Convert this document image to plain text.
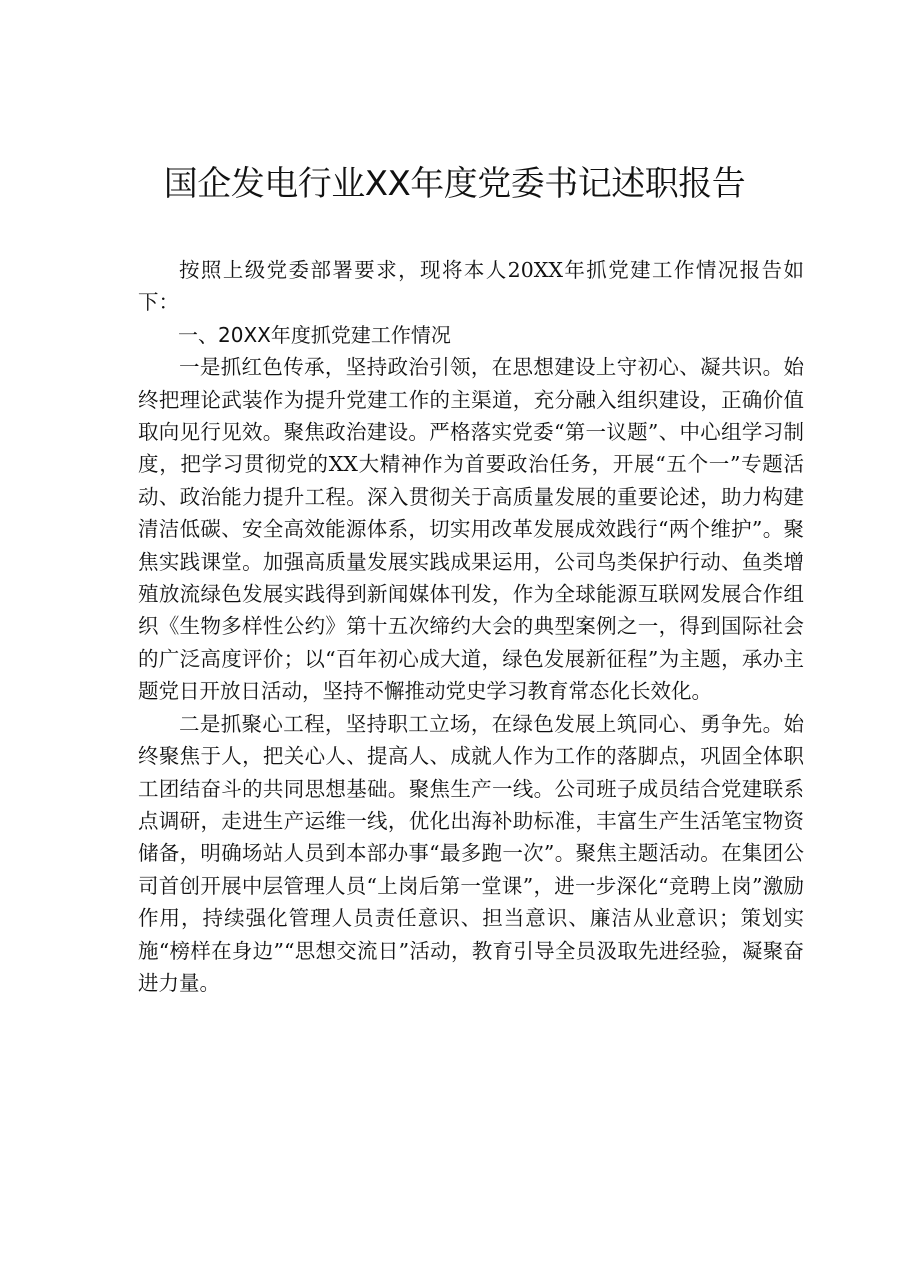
国企发电行业XX年度党委书记述职报告

按照上级党委部署要求，现将本人20XX年抓党建工作情况报告如下：

一、20XX年度抓党建工作情况

一是抓红色传承，坚持政治引领，在思想建设上守初心、凝共识。始终把理论武装作为提升党建工作的主渠道，充分融入组织建设，正确价值取向见行见效。聚焦政治建设。严格落实党委“第一议题”、中心组学习制度，把学习贯彻党的XX大精神作为首要政治任务，开展“五个一”专题活动、政治能力提升工程。深入贯彻关于高质量发展的重要论述，助力构建清洁低碳、安全高效能源体系，切实用改革发展成效践行“两个维护”。聚焦实践课堂。加强高质量发展实践成果运用，公司鸟类保护行动、鱼类增殖放流绿色发展实践得到新闻媒体刊发，作为全球能源互联网发展合作组织《生物多样性公约》第十五次缔约大会的典型案例之一，得到国际社会的广泛高度评价；以“百年初心成大道，绿色发展新征程”为主题，承办主题党日开放日活动，坚持不懈推动党史学习教育常态化长效化。

二是抓聚心工程，坚持职工立场，在绿色发展上筑同心、勇争先。始终聚焦于人，把关心人、提高人、成就人作为工作的落脚点，巩固全体职工团结奋斗的共同思想基础。聚焦生产一线。公司班子成员结合党建联系点调研，走进生产运维一线，优化出海补助标准，丰富生产生活笔宝物资储备，明确场站人员到本部办事“最多跑一次”。聚焦主题活动。在集团公司首创开展中层管理人员“上岗后第一堂课”，进一步深化“竞聘上岗”激励作用，持续强化管理人员责任意识、担当意识、廉洁从业意识；策划实施“榜样在身边”“思想交流日”活动，教育引导全员汲取先进经验，凝聚奋进力量。
